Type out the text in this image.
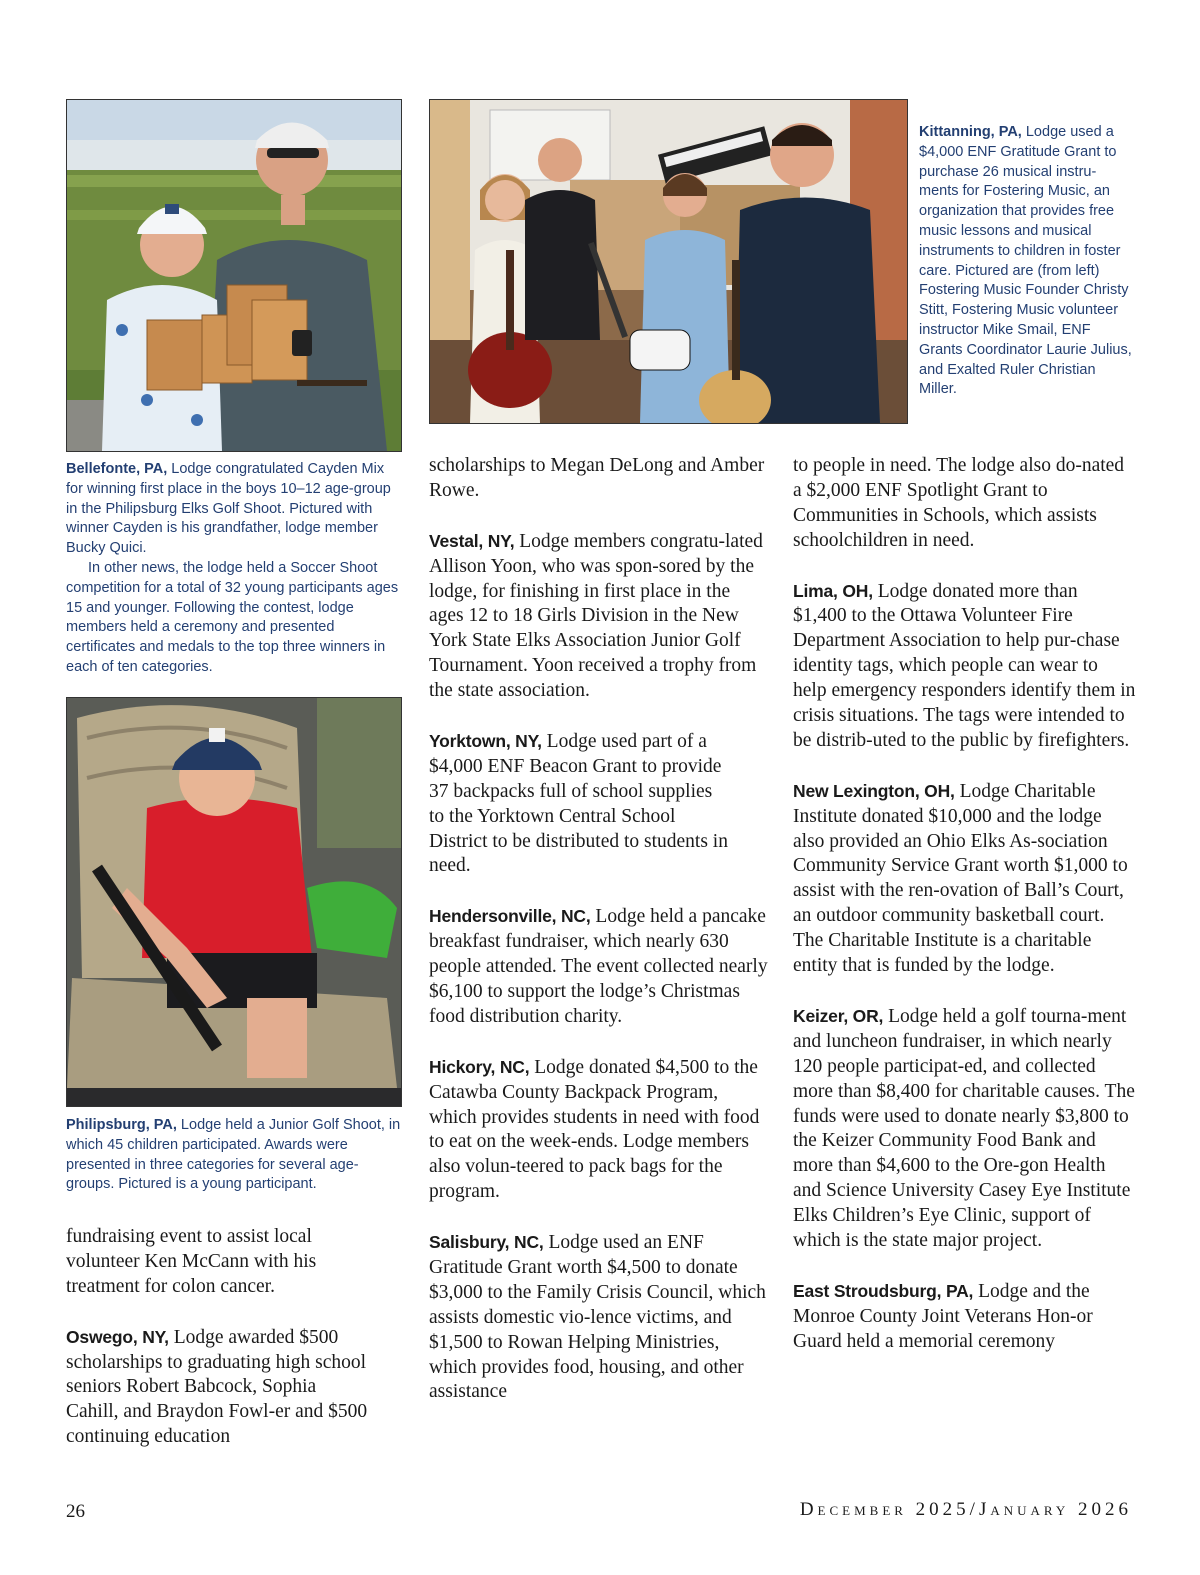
Bellefonte, PA, Lodge congratulated Cayden Mix for winning first place in the boys 10–12 age-group in the Philipsburg Elks Golf Shoot. Pictured with winner Cayden is his grandfather, lodge member Bucky Quici.

In other news, the lodge held a Soccer Shoot competition for a total of 32 young participants ages 15 and younger. Following the contest, lodge members held a ceremony and presented certificates and medals to the top three winners in each of ten categories.

Kittanning, PA, Lodge used a $4,000 ENF Gratitude Grant to purchase 26 musical instru-ments for Fostering Music, an organization that provides free music lessons and musical instruments to children in foster care. Pictured are (from left) Fostering Music Founder Christy Stitt, Fostering Music volunteer instructor Mike Smail, ENF Grants Coordinator Laurie Julius, and Exalted Ruler Christian Miller.

Philipsburg, PA, Lodge held a Junior Golf Shoot, in which 45 children participated. Awards were presented in three categories for several age-groups. Pictured is a young participant.

fundraising event to assist local volunteer Ken McCann with his treatment for colon cancer.

Oswego, NY, Lodge awarded $500 scholarships to graduating high school seniors Robert Babcock, Sophia Cahill, and Braydon Fowl-er and $500 continuing education

scholarships to Megan DeLong and Amber Rowe.

Vestal, NY, Lodge members congratu-lated Allison Yoon, who was spon-sored by the lodge, for finishing in first place in the ages 12 to 18 Girls Division in the New York State Elks Association Junior Golf Tournament. Yoon received a trophy from the state association.

Yorktown, NY, Lodge used part of a $4,000 ENF Beacon Grant to provide 37 backpacks full of school supplies to the Yorktown Central School District to be distributed to students in need.

Hendersonville, NC, Lodge held a pancake breakfast fundraiser, which nearly 630 people attended. The event collected nearly $6,100 to support the lodge’s Christmas food distribution charity.

Hickory, NC, Lodge donated $4,500 to the Catawba County Backpack Program, which provides students in need with food to eat on the week-ends. Lodge members also volun-teered to pack bags for the program.

Salisbury, NC, Lodge used an ENF Gratitude Grant worth $4,500 to donate $3,000 to the Family Crisis Council, which assists domestic vio-lence victims, and $1,500 to Rowan Helping Ministries, which provides food, housing, and other assistance

to people in need. The lodge also do-nated a $2,000 ENF Spotlight Grant to Communities in Schools, which assists schoolchildren in need.

Lima, OH, Lodge donated more than $1,400 to the Ottawa Volunteer Fire Department Association to help pur-chase identity tags, which people can wear to help emergency responders identify them in crisis situations. The tags were intended to be distrib-uted to the public by firefighters.

New Lexington, OH, Lodge Charitable Institute donated $10,000 and the lodge also provided an Ohio Elks As-sociation Community Service Grant worth $1,000 to assist with the ren-ovation of Ball’s Court, an outdoor community basketball court. The Charitable Institute is a charitable entity that is funded by the lodge.

Keizer, OR, Lodge held a golf tourna-ment and luncheon fundraiser, in which nearly 120 people participat-ed, and collected more than $8,400 for charitable causes. The funds were used to donate nearly $3,800 to the Keizer Community Food Bank and more than $4,600 to the Ore-gon Health and Science University Casey Eye Institute Elks Children’s Eye Clinic, support of which is the state major project.

East Stroudsburg, PA, Lodge and the Monroe County Joint Veterans Hon-or Guard held a memorial ceremony

26	December 2025/January 2026
